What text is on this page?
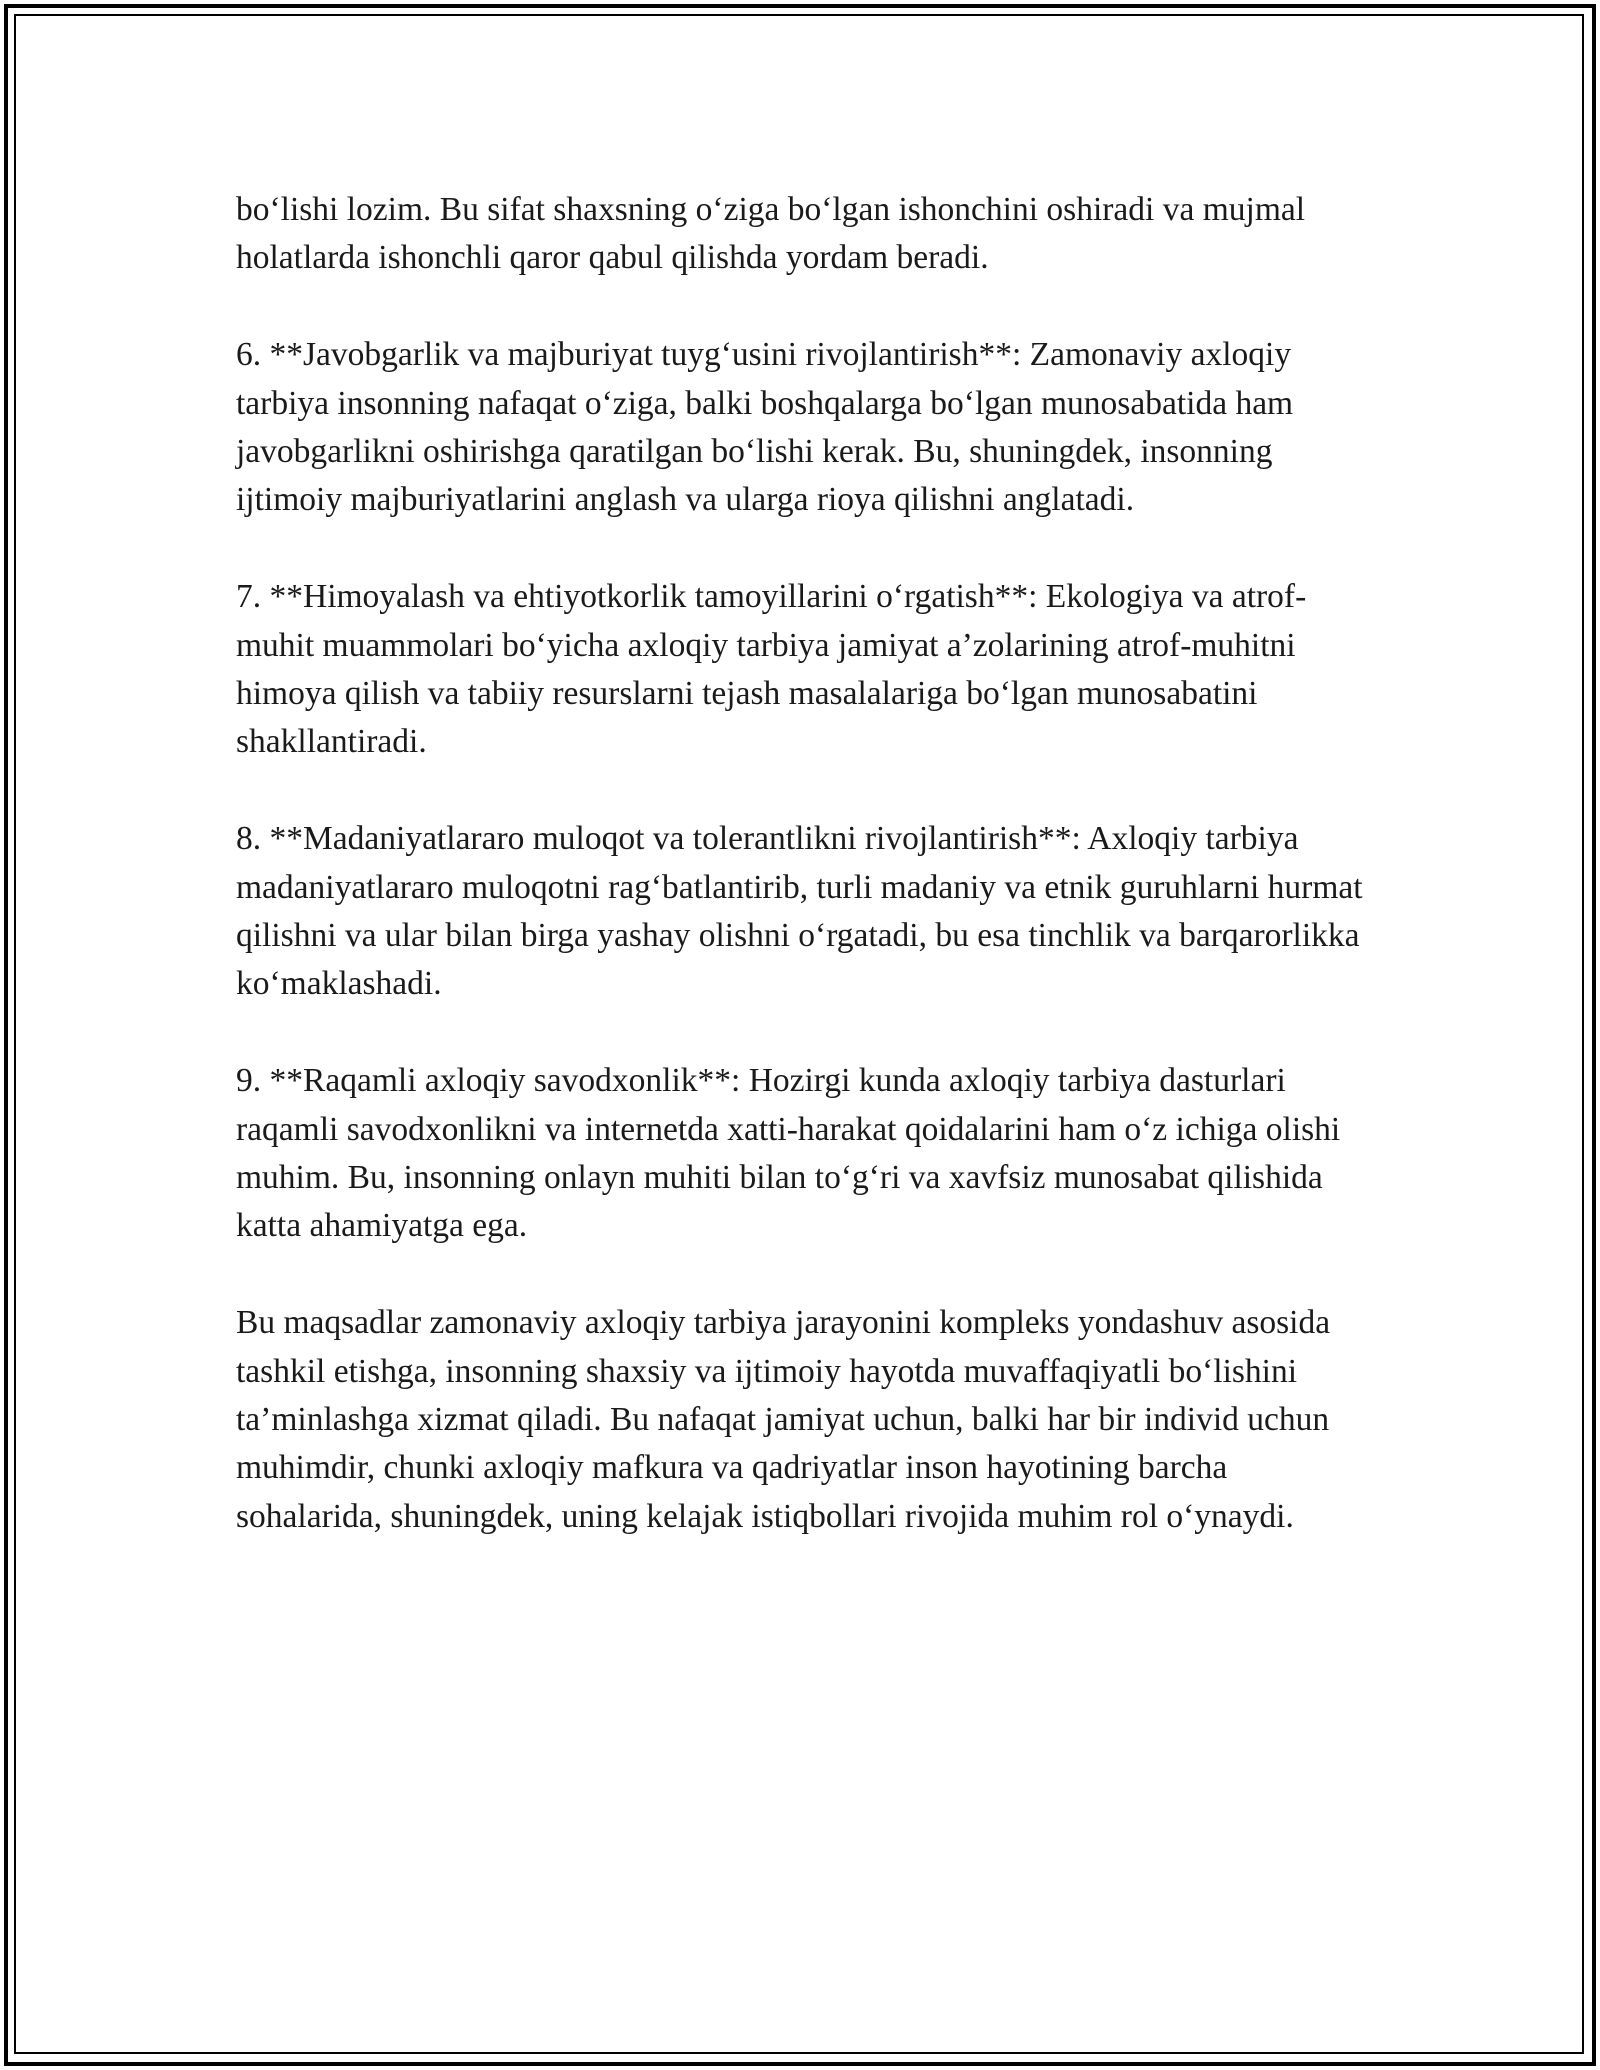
bo‘lishi lozim. Bu sifat shaxsning o‘ziga bo‘lgan ishonchini oshiradi va mujmal holatlarda ishonchli qaror qabul qilishda yordam beradi.

6. **Javobgarlik va majburiyat tuyg‘usini rivojlantirish**: Zamonaviy axloqiy tarbiya insonning nafaqat o‘ziga, balki boshqalarga bo‘lgan munosabatida ham javobgarlikni oshirishga qaratilgan bo‘lishi kerak. Bu, shuningdek, insonning ijtimoiy majburiyatlarini anglash va ularga rioya qilishni anglatadi.

7. **Himoyalash va ehtiyotkorlik tamoyillarini o‘rgatish**: Ekologiya va atrof-muhit muammolari bo‘yicha axloqiy tarbiya jamiyat a’zolarining atrof-muhitni himoya qilish va tabiiy resurslarni tejash masalalariga bo‘lgan munosabatini shakllantiradi.

8. **Madaniyatlararo muloqot va tolerantlikni rivojlantirish**: Axloqiy tarbiya madaniyatlararo muloqotni rag‘batlantirib, turli madaniy va etnik guruhlarni hurmat qilishni va ular bilan birga yashay olishni o‘rgatadi, bu esa tinchlik va barqarorlikka ko‘maklashadi.

9. **Raqamli axloqiy savodxonlik**: Hozirgi kunda axloqiy tarbiya dasturlari raqamli savodxonlikni va internetda xatti-harakat qoidalarini ham o‘z ichiga olishi muhim. Bu, insonning onlayn muhiti bilan to‘g‘ri va xavfsiz munosabat qilishida katta ahamiyatga ega.

Bu maqsadlar zamonaviy axloqiy tarbiya jarayonini kompleks yondashuv asosida tashkil etishga, insonning shaxsiy va ijtimoiy hayotda muvaffaqiyatli bo‘lishini ta’minlashga xizmat qiladi. Bu nafaqat jamiyat uchun, balki har bir individ uchun muhimdir, chunki axloqiy mafkura va qadriyatlar inson hayotining barcha sohalarida, shuningdek, uning kelajak istiqbollari rivojida muhim rol o‘ynaydi.
